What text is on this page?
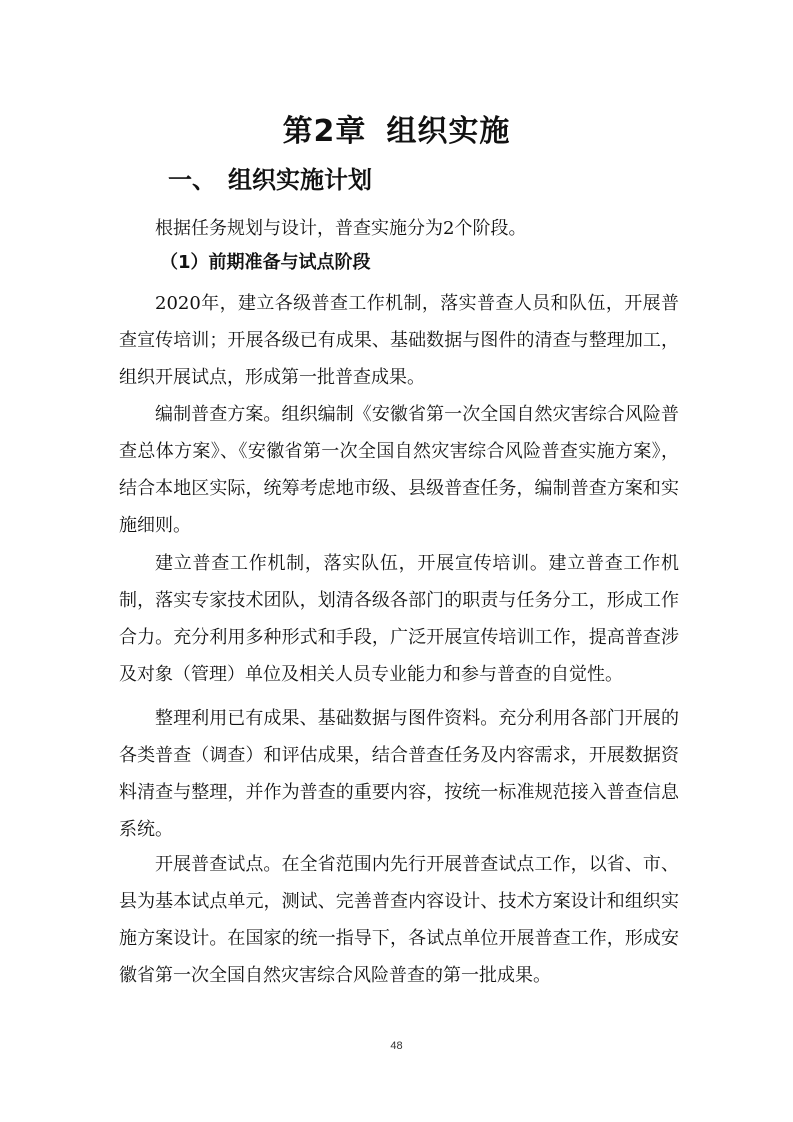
第2章 组织实施
一、 组织实施计划

根据任务规划与设计，普查实施分为2个阶段。

（1）前期准备与试点阶段

2020年，建立各级普查工作机制，落实普查人员和队伍，开展普查宣传培训；开展各级已有成果、基础数据与图件的清查与整理加工，组织开展试点，形成第一批普查成果。

编制普查方案。组织编制《安徽省第一次全国自然灾害综合风险普查总体方案》、《安徽省第一次全国自然灾害综合风险普查实施方案》，结合本地区实际，统筹考虑地市级、县级普查任务，编制普查方案和实施细则。

建立普查工作机制，落实队伍，开展宣传培训。建立普查工作机制，落实专家技术团队，划清各级各部门的职责与任务分工，形成工作合力。充分利用多种形式和手段，广泛开展宣传培训工作，提高普查涉及对象（管理）单位及相关人员专业能力和参与普查的自觉性。

整理利用已有成果、基础数据与图件资料。充分利用各部门开展的各类普查（调查）和评估成果，结合普查任务及内容需求，开展数据资料清查与整理，并作为普查的重要内容，按统一标准规范接入普查信息系统。

开展普查试点。在全省范围内先行开展普查试点工作，以省、市、县为基本试点单元，测试、完善普查内容设计、技术方案设计和组织实施方案设计。在国家的统一指导下，各试点单位开展普查工作，形成安徽省第一次全国自然灾害综合风险普查的第一批成果。

48
